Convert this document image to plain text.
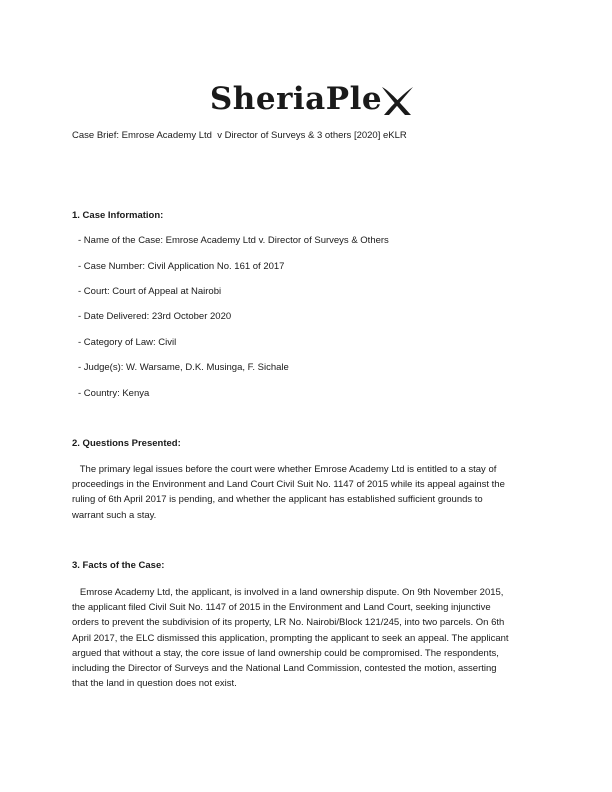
SheriaPle
Case Brief: Emrose Academy Ltd  v Director of Surveys & 3 others [2020] eKLR
1. Case Information:
- Name of the Case: Emrose Academy Ltd v. Director of Surveys & Others
- Case Number: Civil Application No. 161 of 2017
- Court: Court of Appeal at Nairobi
- Date Delivered: 23rd October 2020
- Category of Law: Civil
- Judge(s): W. Warsame, D.K. Musinga, F. Sichale
- Country: Kenya
2. Questions Presented:
The primary legal issues before the court were whether Emrose Academy Ltd is entitled to a stay of
proceedings in the Environment and Land Court Civil Suit No. 1147 of 2015 while its appeal against the
ruling of 6th April 2017 is pending, and whether the applicant has established sufficient grounds to
warrant such a stay.
3. Facts of the Case:
Emrose Academy Ltd, the applicant, is involved in a land ownership dispute. On 9th November 2015,
the applicant filed Civil Suit No. 1147 of 2015 in the Environment and Land Court, seeking injunctive
orders to prevent the subdivision of its property, LR No. Nairobi/Block 121/245, into two parcels. On 6th
April 2017, the ELC dismissed this application, prompting the applicant to seek an appeal. The applicant
argued that without a stay, the core issue of land ownership could be compromised. The respondents,
including the Director of Surveys and the National Land Commission, contested the motion, asserting
that the land in question does not exist.
